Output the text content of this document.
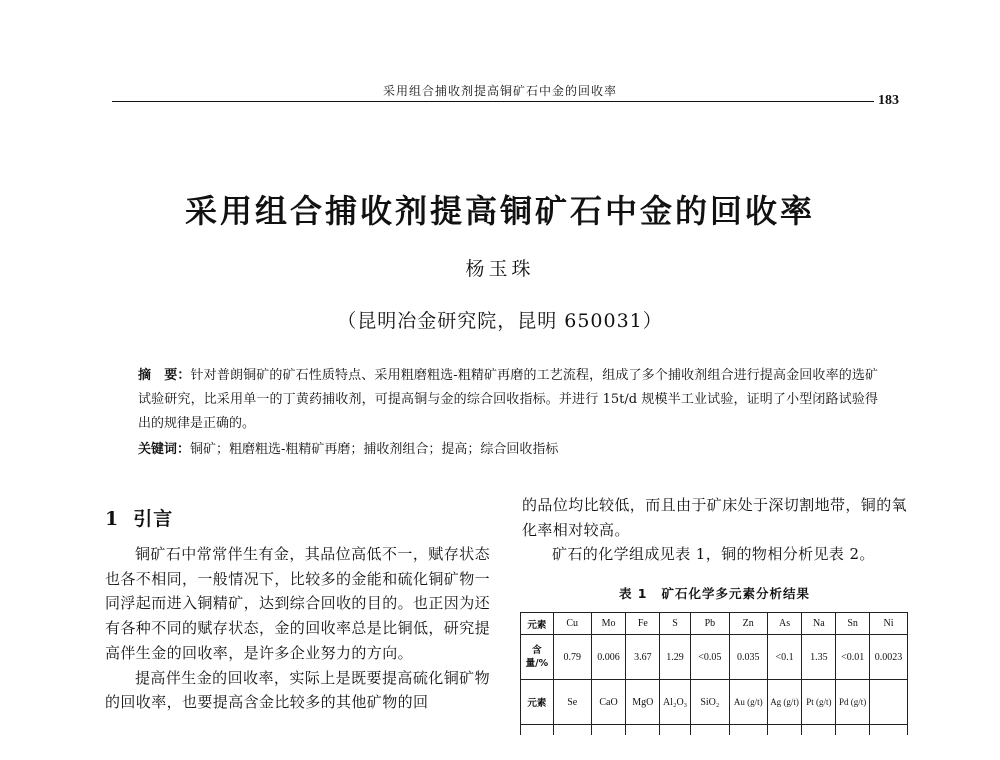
采用组合捕收剂提高铜矿石中金的回收率
183
采用组合捕收剂提高铜矿石中金的回收率
杨玉珠
（昆明冶金研究院，昆明 650031）
摘　要：针对普朗铜矿的矿石性质特点、采用粗磨粗选-粗精矿再磨的工艺流程，组成了多个捕收剂组合进行提高金回收率的选矿试验研究，比采用单一的丁黄药捕收剂，可提高铜与金的综合回收指标。并进行 15t/d 规模半工业试验，证明了小型闭路试验得出的规律是正确的。
关键词：铜矿；粗磨粗选-粗精矿再磨；捕收剂组合；提高；综合回收指标
1 引言

铜矿石中常常伴生有金，其品位高低不一，赋存状态也各不相同，一般情况下，比较多的金能和硫化铜矿物一同浮起而进入铜精矿，达到综合回收的目的。也正因为还有各种不同的赋存状态，金的回收率总是比铜低，研究提高伴生金的回收率，是许多企业努力的方向。

提高伴生金的回收率，实际上是既要提高硫化铜矿物的回收率，也要提高含金比较多的其他矿物的回

的品位均比较低，而且由于矿床处于深切割地带，铜的氧化率相对较高。

矿石的化学组成见表 1，铜的物相分析见表 2。

表 1 矿石化学多元素分析结果
元素	Cu	Mo	Fe	S	Pb	Zn	As	Na	Sn	Ni
含量/%	0.79	0.006	3.67	1.29	<0.05	0.035	<0.1	1.35	<0.01	0.0023
元素	Se	CaO	MgO	Al₂O₃	SiO₂	Au (g/t)	Ag (g/t)	Pt (g/t)	Pd (g/t)	
